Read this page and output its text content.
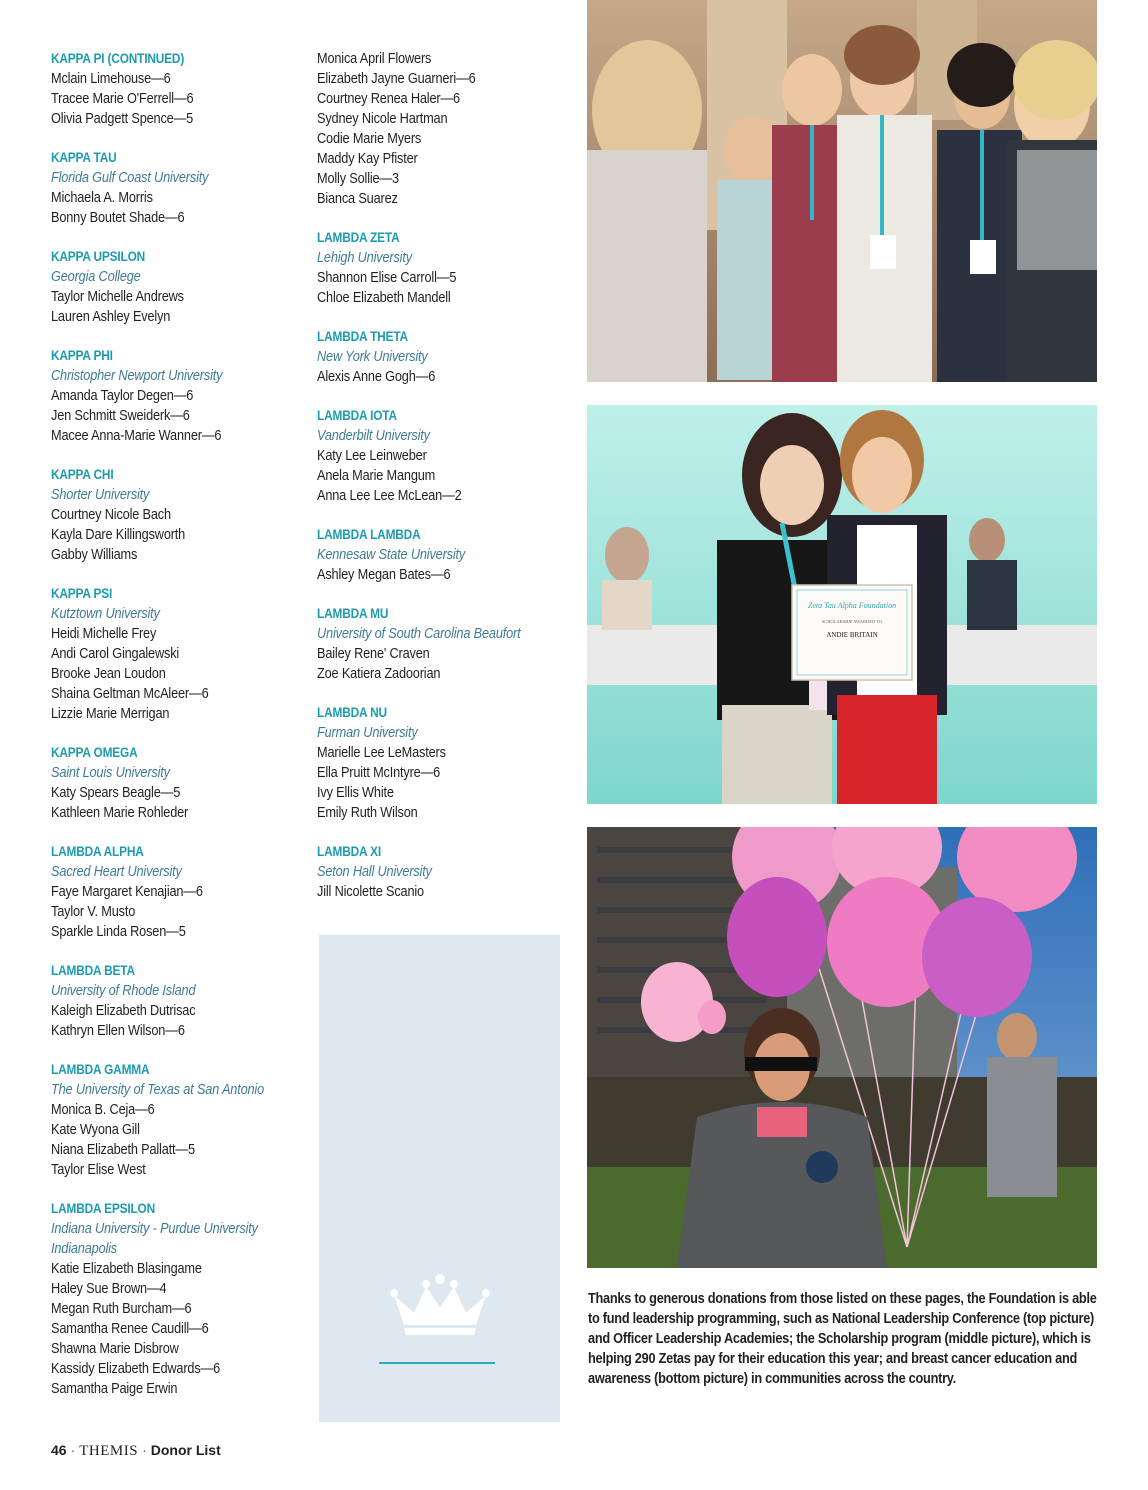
KAPPA PI (CONTINUED)
Mclain Limehouse—6
Tracee Marie O'Ferrell—6
Olivia Padgett Spence—5
KAPPA TAU
Florida Gulf Coast University
Michaela A. Morris
Bonny Boutet Shade—6
KAPPA UPSILON
Georgia College
Taylor Michelle Andrews
Lauren Ashley Evelyn
KAPPA PHI
Christopher Newport University
Amanda Taylor Degen—6
Jen Schmitt Sweiderk—6
Macee Anna-Marie Wanner—6
KAPPA CHI
Shorter University
Courtney Nicole Bach
Kayla Dare Killingsworth
Gabby Williams
KAPPA PSI
Kutztown University
Heidi Michelle Frey
Andi Carol Gingalewski
Brooke Jean Loudon
Shaina Geltman McAleer—6
Lizzie Marie Merrigan
KAPPA OMEGA
Saint Louis University
Katy Spears Beagle—5
Kathleen Marie Rohleder
LAMBDA ALPHA
Sacred Heart University
Faye Margaret Kenajian—6
Taylor V. Musto
Sparkle Linda Rosen—5
LAMBDA BETA
University of Rhode Island
Kaleigh Elizabeth Dutrisac
Kathryn Ellen Wilson—6
LAMBDA GAMMA
The University of Texas at San Antonio
Monica B. Ceja—6
Kate Wyona Gill
Niana Elizabeth Pallatt—5
Taylor Elise West
LAMBDA EPSILON
Indiana University - Purdue University Indianapolis
Katie Elizabeth Blasingame
Haley Sue Brown—4
Megan Ruth Burcham—6
Samantha Renee Caudill—6
Shawna Marie Disbrow
Kassidy Elizabeth Edwards—6
Samantha Paige Erwin
Monica April Flowers
Elizabeth Jayne Guarneri—6
Courtney Renea Haler—6
Sydney Nicole Hartman
Codie Marie Myers
Maddy Kay Pfister
Molly Sollie—3
Bianca Suarez
LAMBDA ZETA
Lehigh University
Shannon Elise Carroll—5
Chloe Elizabeth Mandell
LAMBDA THETA
New York University
Alexis Anne Gogh—6
LAMBDA IOTA
Vanderbilt University
Katy Lee Leinweber
Anela Marie Mangum
Anna Lee Lee McLean—2
LAMBDA LAMBDA
Kennesaw State University
Ashley Megan Bates—6
LAMBDA MU
University of South Carolina Beaufort
Bailey Rene' Craven
Zoe Katiera Zadoorian
LAMBDA NU
Furman University
Marielle Lee LeMasters
Ella Pruitt McIntyre—6
Ivy Ellis White
Emily Ruth Wilson
LAMBDA XI
Seton Hall University
Jill Nicolette Scanio
Zeta Tau Alpha Foundation
SCHOLARSHIP AWARDED TO
ANDIE BRITAIN
Thanks to generous donations from those listed on these pages, the Foundation is able to fund leadership programming, such as National Leadership Conference (top picture) and Officer Leadership Academies; the Scholarship program (middle picture), which is helping 290 Zetas pay for their education this year; and breast cancer education and awareness (bottom picture) in communities across the country.
46 · THEMIS · Donor List
